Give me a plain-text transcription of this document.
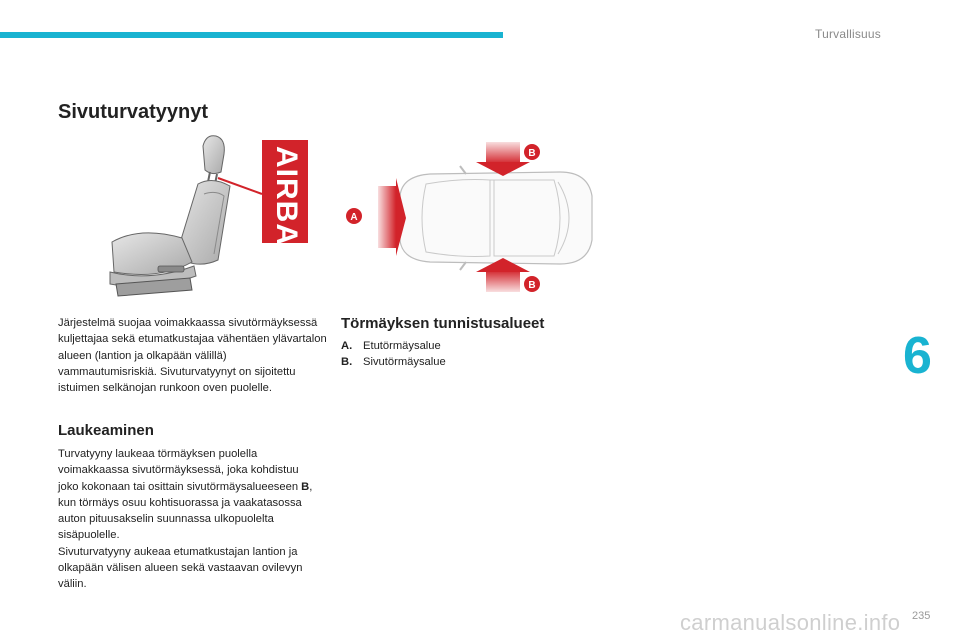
Turvallisuus
Sivuturvatyynyt
AIRBAG	A
B
B

Järjestelmä suojaa voimakkaassa sivutörmäyksessä kuljettajaa sekä etumatkustajaa vähentäen ylävartalon alueen (lantion ja olkapään välillä) vammautumisriskiä. Sivuturvatyynyt on sijoitettu istuimen selkänojan runkoon oven puolelle.

Laukeaminen

Turvatyyny laukeaa törmäyksen puolella voimakkaassa sivutörmäyksessä, joka kohdistuu joko kokonaan tai osittain sivutörmäysalueeseen B, kun törmäys osuu kohtisuorassa ja vaakatasossa auton pituusakselin suunnassa ulkopuolelta sisäpuolelle.
Sivuturvatyyny aukeaa etumatkustajan lantion ja olkapään välisen alueen sekä vastaavan ovilevyn väliin.

Törmäyksen tunnistusalueet
A. Etutörmäysalue
B. Sivutörmäysalue	6
carmanualsonline.info 235
